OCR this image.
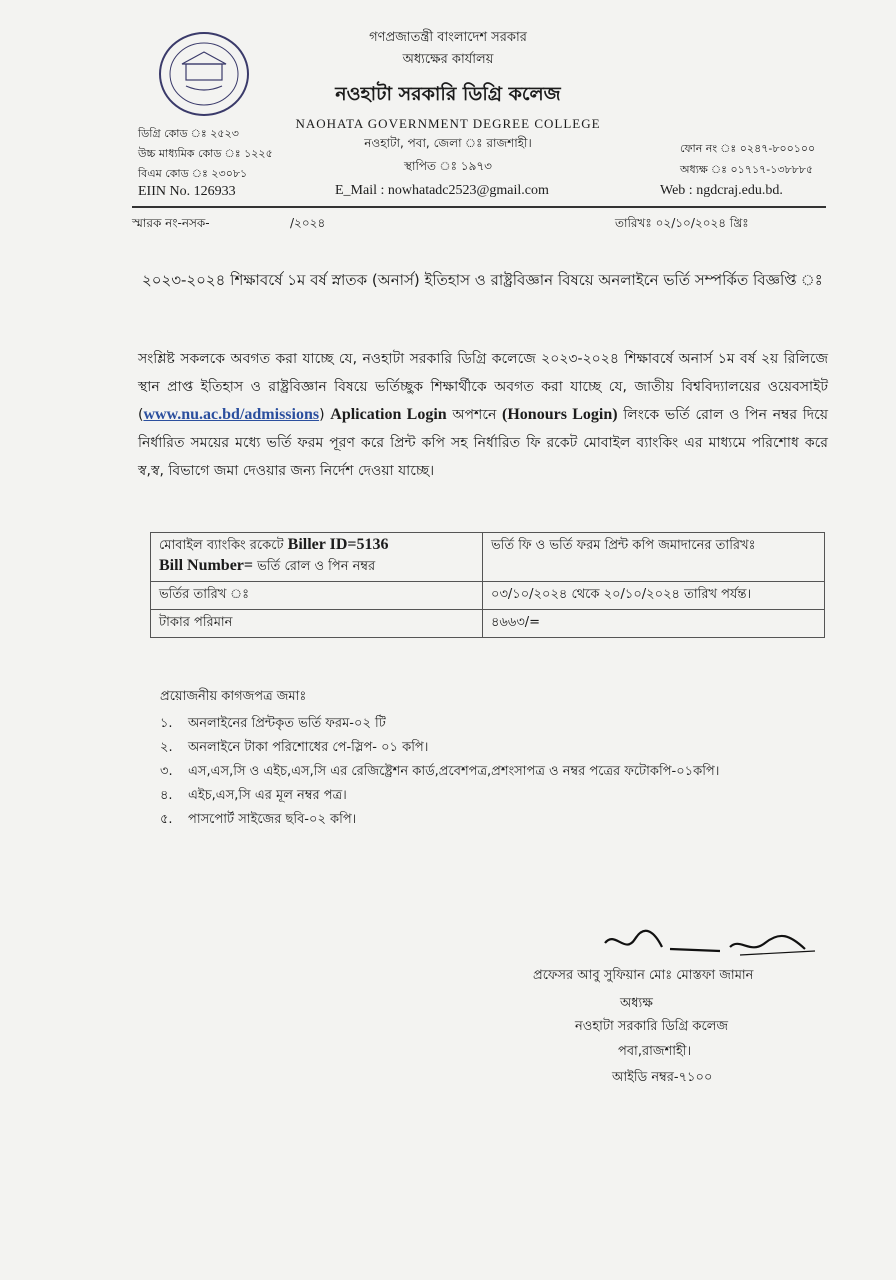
গণপ্রজাতন্ত্রী বাংলাদেশ সরকার
অধ্যক্ষের কার্যালয়
নওহাটা সরকারি ডিগ্রি কলেজ
NAOHATA GOVERNMENT DEGREE COLLEGE
নওহাটা, পবা, জেলা ঃ রাজশাহী।
স্থাপিত ঃ ১৯৭৩
ডিগ্রি কোড ঃ ২৫২৩
উচ্চ মাধ্যমিক কোড ঃ ১২২৫
বিএম কোড ঃ ২৩০৮১
EIIN No. 126933
ফোন নং ঃ ০২৪৭-৮০০১০০
অধ্যক্ষ ঃ ০১৭১৭-১৩৮৮৮৫
Web : ngdcraj.edu.bd.
E_Mail : nowhatadc2523@gmail.com
স্মারক নং-নসক-	/২০২৪	তারিখঃ ০২/১০/২০২৪ খ্রিঃ
২০২৩-২০২৪ শিক্ষাবর্ষে ১ম বর্ষ স্নাতক (অনার্স) ইতিহাস ও রাষ্ট্রবিজ্ঞান বিষয়ে অনলাইনে ভর্তি সম্পর্কিত বিজ্ঞপ্তি ঃ
সংশ্লিষ্ট সকলকে অবগত করা যাচ্ছে যে, নওহাটা সরকারি ডিগ্রি কলেজে ২০২৩-২০২৪ শিক্ষাবর্ষে অনার্স ১ম বর্ষ ২য় রিলিজে স্থান প্রাপ্ত ইতিহাস ও রাষ্ট্রবিজ্ঞান বিষয়ে ভর্তিচ্ছুক শিক্ষার্থীকে অবগত করা যাচ্ছে যে, জাতীয় বিশ্ববিদ্যালয়ের ওয়েবসাইট (www.nu.ac.bd/admissions) Aplication Login অপশনে (Honours Login) লিংকে ভর্তি রোল ও পিন নম্বর দিয়ে নির্ধারিত সময়ের মধ্যে ভর্তি ফরম পূরণ করে প্রিন্ট কপি সহ নির্ধারিত ফি রকেট মোবাইল ব্যাংকিং এর মাধ্যমে পরিশোধ করে স্ব,স্ব, বিভাগে জমা দেওয়ার জন্য নির্দেশ দেওয়া যাচ্ছে।
মোবাইল ব্যাংকিং রকেটে Biller ID=5136
Bill Number= ভর্তি রোল ও পিন নম্বর	ভর্তি ফি ও ভর্তি ফরম প্রিন্ট কপি জমাদানের তারিখঃ
ভর্তির তারিখ ঃ	০৩/১০/২০২৪ থেকে ২০/১০/২০২৪ তারিখ পর্যন্ত।
টাকার পরিমান	৪৬৬৩/=
প্রয়োজনীয় কাগজপত্র জমাঃ
১.	অনলাইনের প্রিন্টকৃত ভর্তি ফরম-০২ টি
২.	অনলাইনে টাকা পরিশোধের পে-স্লিপ- ০১ কপি।
৩.	এস,এস,সি ও এইচ,এস,সি এর রেজিষ্ট্রেশন কার্ড,প্রবেশপত্র,প্রশংসাপত্র ও নম্বর পত্রের ফটোকপি-০১কপি।
৪.	এইচ,এস,সি এর মূল নম্বর পত্র।
৫.	পাসপোর্ট সাইজের ছবি-০২ কপি।
প্রফেসর আবু সুফিয়ান মোঃ মোস্তফা জামান
অধ্যক্ষ
নওহাটা সরকারি ডিগ্রি কলেজ
পবা,রাজশাহী।
আইডি নম্বর-৭১০০
